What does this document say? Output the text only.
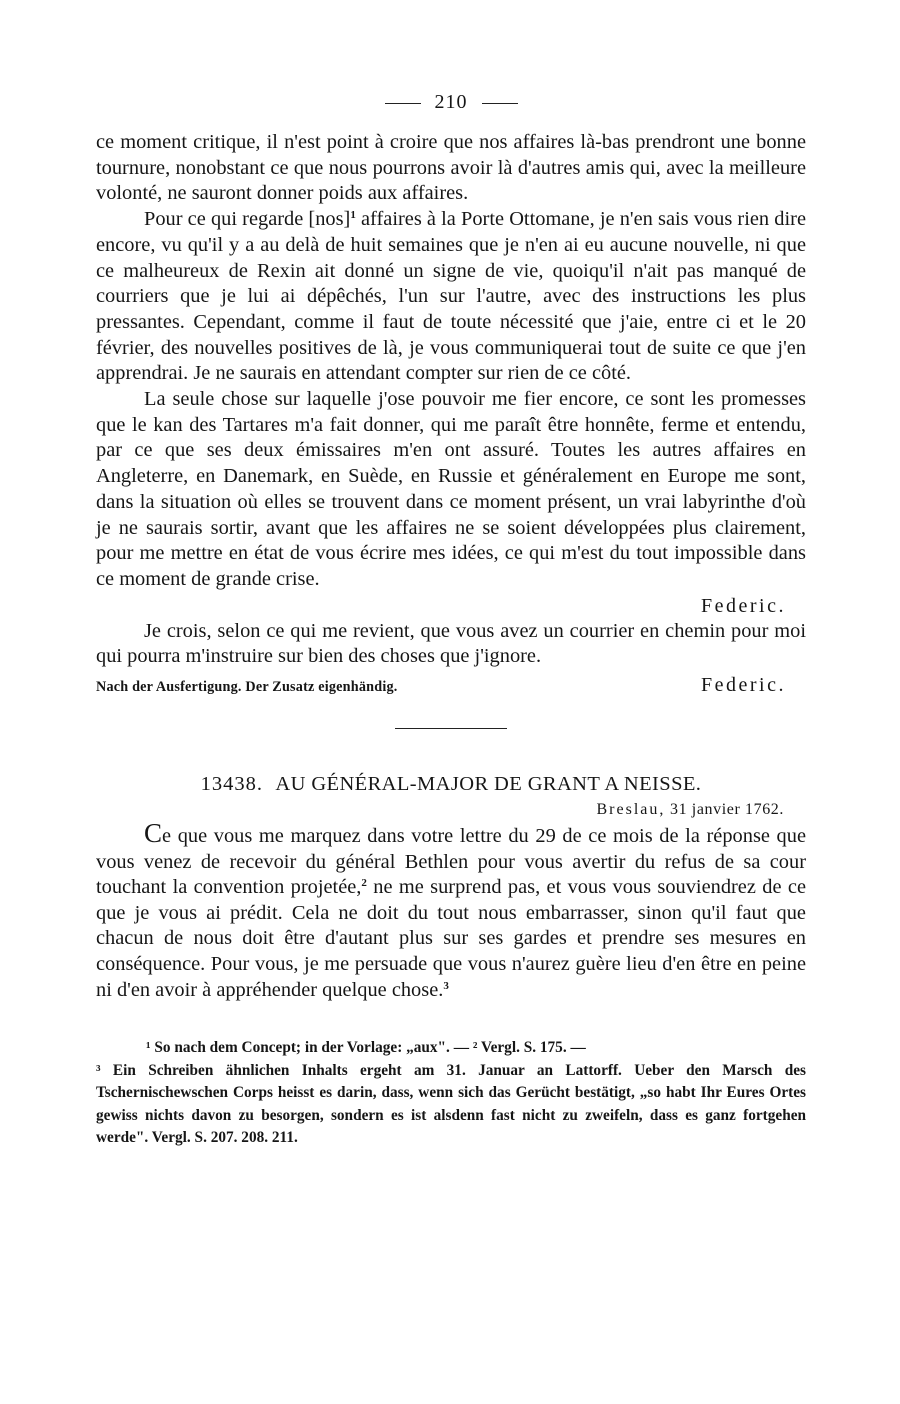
210

ce moment critique, il n'est point à croire que nos affaires là-bas prendront une bonne tournure, nonobstant ce que nous pourrons avoir là d'autres amis qui, avec la meilleure volonté, ne sauront donner poids aux affaires.

Pour ce qui regarde [nos]$^1$ affaires à la Porte Ottomane, je n'en sais vous rien dire encore, vu qu'il y a au delà de huit semaines que je n'en ai eu aucune nouvelle, ni que ce malheureux de Rexin ait donné un signe de vie, quoiqu'il n'ait pas manqué de courriers que je lui ai dépêchés, l'un sur l'autre, avec des instructions les plus pressantes. Cependant, comme il faut de toute nécessité que j'aie, entre ci et le 20 février, des nouvelles positives de là, je vous communiquerai tout de suite ce que j'en apprendrai. Je ne saurais en attendant compter sur rien de ce côté.

La seule chose sur laquelle j'ose pouvoir me fier encore, ce sont les promesses que le kan des Tartares m'a fait donner, qui me paraît être honnête, ferme et entendu, par ce que ses deux émissaires m'en ont assuré. Toutes les autres affaires en Angleterre, en Danemark, en Suède, en Russie et généralement en Europe me sont, dans la situation où elles se trouvent dans ce moment présent, un vrai labyrinthe d'où je ne saurais sortir, avant que les affaires ne se soient développées plus clairement, pour me mettre en état de vous écrire mes idées, ce qui m'est du tout impossible dans ce moment de grande crise.

Federic.

Je crois, selon ce qui me revient, que vous avez un courrier en chemin pour moi qui pourra m'instruire sur bien des choses que j'ignore.

Nach der Ausfertigung. Der Zusatz eigenhändig.	Federic.
13438. AU GÉNÉRAL-MAJOR DE GRANT A NEISSE.
Breslau, 31 janvier 1762.

Ce que vous me marquez dans votre lettre du 29 de ce mois de la réponse que vous venez de recevoir du général Bethlen pour vous avertir du refus de sa cour touchant la convention projetée,$^2$ ne me surprend pas, et vous vous souviendrez de ce que je vous ai prédit. Cela ne doit du tout nous embarrasser, sinon qu'il faut que chacun de nous doit être d'autant plus sur ses gardes et prendre ses mesures en conséquence. Pour vous, je me persuade que vous n'aurez guère lieu d'en être en peine ni d'en avoir à appréhender quelque chose.$^3$

¹ So nach dem Concept; in der Vorlage: „aux". — ² Vergl. S. 175. —

³ Ein Schreiben ähnlichen Inhalts ergeht am 31. Januar an Lattorff. Ueber den Marsch des Tschernischewschen Corps heisst es darin, dass, wenn sich das Gerücht bestätigt, „so habt Ihr Eures Ortes gewiss nichts davon zu besorgen, sondern es ist alsdenn fast nicht zu zweifeln, dass es ganz fortgehen werde". Vergl. S. 207. 208. 211.
